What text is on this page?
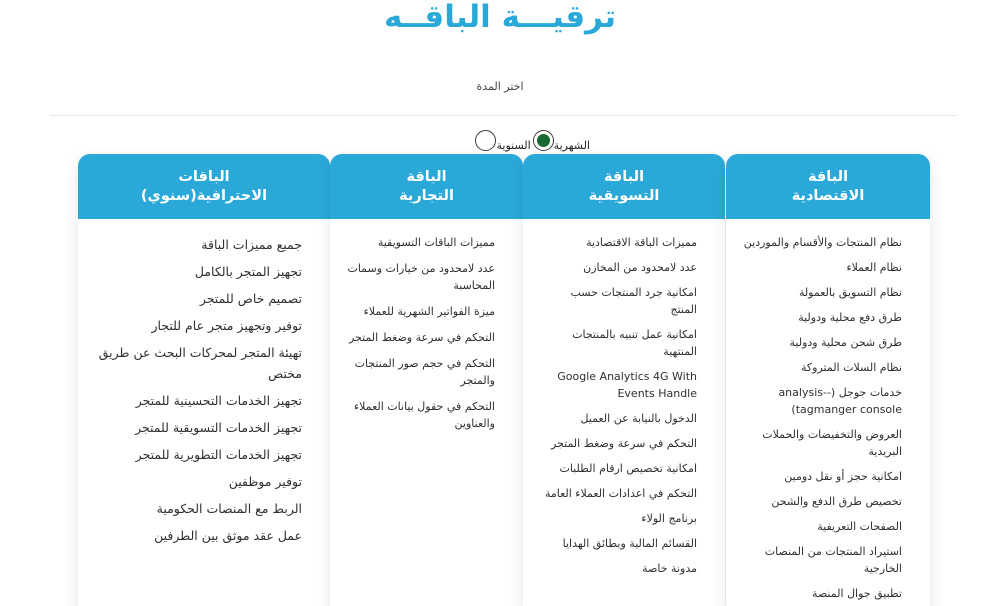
ترقيـــة الباقــه
اختر المدة
الشهرية
السنوية
الباقة
الاقتصادية
نظام المنتجات والأقسام والموردين
نظام العملاء
نظام التسويق بالعمولة
طرق دفع محلية ودولية
طرق شحن محلية ودولية
نظام السلات المتروكة
خدمات جوجل (-analysis-tagmanger console)
العروض والتخفيضات والحملات البريدية
امكانية حجز أو نقل دومين
تخصيص طرق الدفع والشحن
الصفحات التعريفية
استيراد المنتجات من المنصات الخارجية
تطبيق جوال المنصة
الباقة
التسويقية
مميزات الباقة الاقتصادية
عدد لامحدود من المخازن
امكانية جرد المنتجات حسب المنتج
امكانية عمل تنبيه بالمنتجات المنتهية
Google Analytics 4G With Events Handle
الدخول بالنيابة عن العميل
التحكم في سرعة وضغط المتجر
امكانية تخصيص ارقام الطلبات
التحكم في اعدادات العملاء العامة
برنامج الولاء
القسائم المالية وبطائق الهدايا
مدونة خاصة
الباقة
التجارية
مميزات الباقات التسويقية
عدد لامحدود من خيارات وسمات المحاسبة
ميزة الفواتير الشهرية للعملاء
التحكم في سرعة وضغط المتجر
التحكم في حجم صور المنتجات والمتجر
التحكم في حقول بيانات العملاء والعناوين
الباقات
الاحترافية(سنوي)
جميع مميزات الباقة
تجهيز المتجر بالكامل
تصميم خاص للمتجر
توفير وتجهيز متجر عام للتجار
تهيئة المتجر لمحركات البحث عن طريق مختص
تجهيز الخدمات التحسينية للمتجر
تجهيز الخدمات التسويقية للمتجر
تجهيز الخدمات التطويرية للمتجر
توفير موظفين
الربط مع المنصات الحكومية
عمل عقد موثق بين الطرفين
